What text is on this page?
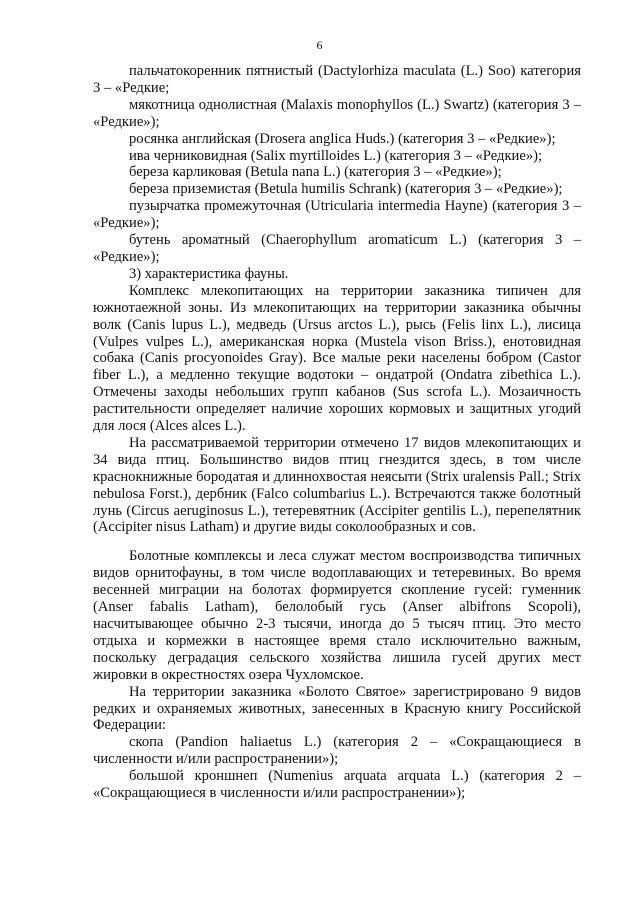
6

пальчатокоренник пятнистый (Dactylorhiza maculata (L.) Soo) категория 3 – «Редкие;

мякотница однолистная (Malaxis monophyllos (L.) Swartz) (категория 3 – «Редкие»);

росянка английская (Drosera anglica Huds.) (категория 3 – «Редкие»);

ива черниковидная (Salix myrtilloides L.) (категория 3 – «Редкие»);

береза карликовая (Betula nana L.) (категория 3 – «Редкие»);

береза приземистая (Betula humilis Schrank) (категория 3 – «Редкие»);

пузырчатка промежуточная (Utricularia intermedia Hayne) (категория 3 – «Редкие»);

бутень ароматный (Chaerophyllum aromaticum L.) (категория 3 – «Редкие»);

3) характеристика фауны.

Комплекс млекопитающих на территории заказника типичен для южнотаежной зоны. Из млекопитающих на территории заказника обычны волк (Canis lupus L.), медведь (Ursus arctos L.), рысь (Felis linx L.), лисица (Vulpes vulpes L.), американская норка (Mustela vison Briss.), енотовидная собака (Canis procyonoides Gray). Все малые реки населены бобром (Castor fiber L.), а медленно текущие водотоки – ондатрой (Ondatra zibethica L.). Отмечены заходы небольших групп кабанов (Sus scrofa L.). Мозаичность растительности определяет наличие хороших кормовых и защитных угодий для лося (Alces alces L.).

На рассматриваемой территории отмечено 17 видов млекопитающих и 34 вида птиц. Большинство видов птиц гнездится здесь, в том числе краснокнижные бородатая и длиннохвостая неясыти (Strix uralensis Pall.; Strix nebulosa Forst.), дербник (Falco columbarius L.). Встречаются также болотный лунь (Circus aeruginosus L.), тетеревятник (Accipiter gentilis L.), перепелятник (Accipiter nisus Latham) и другие виды соколообразных и сов.

Болотные комплексы и леса служат местом воспроизводства типичных видов орнитофауны, в том числе водоплавающих и тетеревиных. Во время весенней миграции на болотах формируется скопление гусей: гуменник (Anser fabalis Latham), белолобый гусь (Anser albifrons Scopoli), насчитывающее обычно 2-3 тысячи, иногда до 5 тысяч птиц. Это место отдыха и кормежки в настоящее время стало исключительно важным, поскольку деградация сельского хозяйства лишила гусей других мест жировки в окрестностях озера Чухломское.

На территории заказника «Болото Святое» зарегистрировано 9 видов редких и охраняемых животных, занесенных в Красную книгу Российской Федерации:

скопа (Pandion haliaetus L.) (категория 2 – «Сокращающиеся в численности и/или распространении»);

большой кроншнеп (Numenius arquata arquata L.) (категория 2 – «Сокращающиеся в численности и/или распространении»);
